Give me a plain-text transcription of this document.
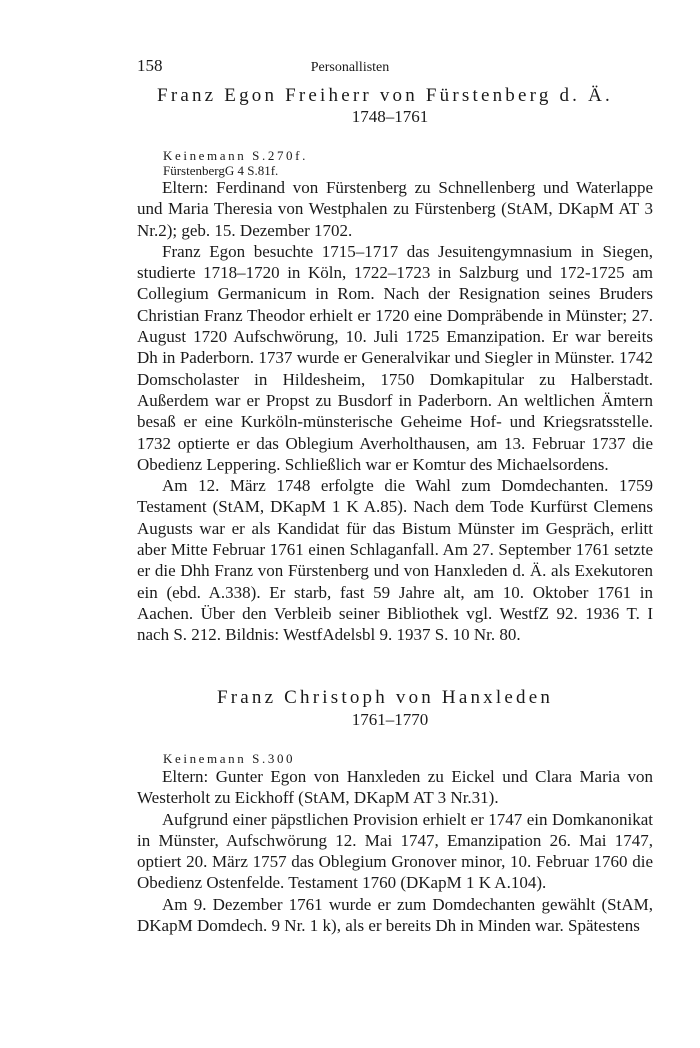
158	Personallisten
Franz Egon Freiherr von Fürstenberg d. Ä.
1748–1761
Keinemann S.270f.
FürstenbergG 4 S.81f.

Eltern: Ferdinand von Fürstenberg zu Schnellenberg und Waterlappe und Maria Theresia von Westphalen zu Fürstenberg (StAM, DKapM AT 3 Nr.2); geb. 15. Dezember 1702.

Franz Egon besuchte 1715–1717 das Jesuitengymnasium in Siegen, studierte 1718–1720 in Köln, 1722–1723 in Salzburg und 172‑1725 am Collegium Germanicum in Rom. Nach der Resignation seines Bruders Christian Franz Theodor erhielt er 1720 eine Dompräbende in Münster; 27. August 1720 Aufschwörung, 10. Juli 1725 Emanzipation. Er war bereits Dh in Paderborn. 1737 wurde er Generalvikar und Siegler in Münster. 1742 Domscholaster in Hildesheim, 1750 Domkapitular zu Halberstadt. Außerdem war er Propst zu Busdorf in Paderborn. An weltlichen Ämtern besaß er eine Kurköln-münsterische Geheime Hof- und Kriegsratsstelle. 1732 optierte er das Oblegium Averholthausen, am 13. Februar 1737 die Obedienz Leppering. Schließlich war er Komtur des Michaelsordens.

Am 12. März 1748 erfolgte die Wahl zum Domdechanten. 1759 Testament (StAM, DKapM 1 K A.85). Nach dem Tode Kurfürst Clemens Augusts war er als Kandidat für das Bistum Münster im Gespräch, erlitt aber Mitte Februar 1761 einen Schlaganfall. Am 27. September 1761 setzte er die Dhh Franz von Fürstenberg und von Hanxleden d. Ä. als Exekutoren ein (ebd. A.338). Er starb, fast 59 Jahre alt, am 10. Oktober 1761 in Aachen. Über den Verbleib seiner Bibliothek vgl. WestfZ 92. 1936 T. I nach S. 212. Bildnis: WestfAdelsbl 9. 1937 S. 10 Nr. 80.

Franz Christoph von Hanxleden
1761–1770
Keinemann S.300

Eltern: Gunter Egon von Hanxleden zu Eickel und Clara Maria von Westerholt zu Eickhoff (StAM, DKapM AT 3 Nr.31).

Aufgrund einer päpstlichen Provision erhielt er 1747 ein Domkanonikat in Münster, Aufschwörung 12. Mai 1747, Emanzipation 26. Mai 1747, optiert 20. März 1757 das Oblegium Gronover minor, 10. Februar 1760 die Obedienz Ostenfelde. Testament 1760 (DKapM 1 K A.104).

Am 9. Dezember 1761 wurde er zum Domdechanten gewählt (StAM, DKapM Domdech. 9 Nr. 1 k), als er bereits Dh in Minden war. Spätestens
